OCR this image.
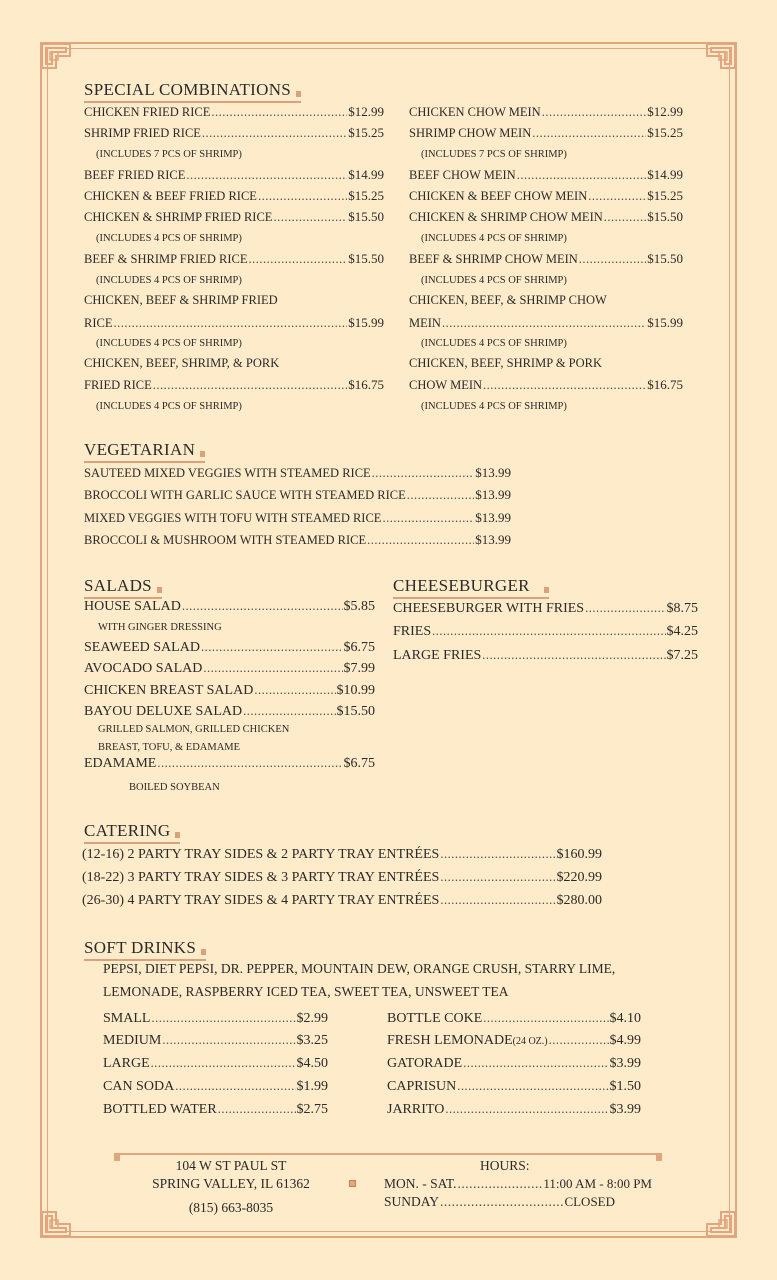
SPECIAL COMBINATIONS
VEGETARIAN
SALADS	CHEESEBURGER
CATERING
SOFT DRINKS
CHICKEN FRIED RICE .....	$12.99
SHRIMP FRIED RICE .....	$15.25
(INCLUDES 7 PCS OF SHRIMP)
BEEF FRIED RICE .....	$14.99
CHICKEN & BEEF FRIED RICE .....	$15.25
CHICKEN & SHRIMP FRIED RICE .....	$15.50
(INCLUDES 4 PCS OF SHRIMP)
BEEF & SHRIMP FRIED RICE .....	$15.50
(INCLUDES 4 PCS OF SHRIMP)
CHICKEN, BEEF & SHRIMP FRIED
RICE .....	$15.99
(INCLUDES 4 PCS OF SHRIMP)
CHICKEN, BEEF, SHRIMP, & PORK
FRIED RICE .....	$16.75
(INCLUDES 4 PCS OF SHRIMP)
CHICKEN CHOW MEIN .....	$12.99
SHRIMP CHOW MEIN .....	$15.25
(INCLUDES 7 PCS OF SHRIMP)
BEEF CHOW MEIN .....	$14.99
CHICKEN & BEEF CHOW MEIN .....	$15.25
CHICKEN & SHRIMP CHOW MEIN .....	$15.50
(INCLUDES 4 PCS OF SHRIMP)
BEEF & SHRIMP CHOW MEIN .....	$15.50
(INCLUDES 4 PCS OF SHRIMP)
CHICKEN, BEEF, & SHRIMP CHOW
MEIN .....	$15.99
(INCLUDES 4 PCS OF SHRIMP)
CHICKEN, BEEF, SHRIMP & PORK
CHOW MEIN .....	$16.75
(INCLUDES 4 PCS OF SHRIMP)
SAUTEED MIXED VEGGIES WITH STEAMED RICE .....	$13.99
BROCCOLI WITH GARLIC SAUCE WITH STEAMED RICE .....	$13.99
MIXED VEGGIES WITH TOFU WITH STEAMED RICE .....	$13.99
BROCCOLI & MUSHROOM WITH STEAMED RICE .....	$13.99
HOUSE SALAD .....	$5.85
WITH GINGER DRESSING
SEAWEED SALAD .....	$6.75
AVOCADO SALAD .....	$7.99
CHICKEN BREAST SALAD .....	$10.99
BAYOU DELUXE SALAD .....	$15.50
GRILLED SALMON, GRILLED CHICKEN
BREAST, TOFU, & EDAMAME
EDAMAME .....	$6.75
BOILED SOYBEAN
CHEESEBURGER WITH FRIES .....	$8.75
FRIES .....	$4.25
LARGE FRIES .....	$7.25
(12-16) 2 PARTY TRAY SIDES & 2 PARTY TRAY ENTRÉES .....	$160.99
(18-22) 3 PARTY TRAY SIDES & 3 PARTY TRAY ENTRÉES .....	$220.99
(26-30) 4 PARTY TRAY SIDES & 4 PARTY TRAY ENTRÉES .....	$280.00
SMALL .....	$2.99
MEDIUM .....	$3.25
LARGE .....	$4.50
CAN SODA .....	$1.99
BOTTLED WATER .....	$2.75
BOTTLE COKE .....	$4.10
FRESH LEMONADE (24 OZ.) .....	$4.99
GATORADE .....	$3.99
CAPRISUN .....	$1.50
JARRITO .....	$3.99
PEPSI, DIET PEPSI, DR. PEPPER, MOUNTAIN DEW, ORANGE CRUSH, STARRY LIME,
LEMONADE, RASPBERRY ICED TEA, SWEET TEA, UNSWEET TEA
104 W ST PAUL ST
SPRING VALLEY, IL 61362
(815) 663-8035
HOURS:
MON. - SAT. .....	11:00 AM - 8:00 PM
SUNDAY .....	CLOSED
